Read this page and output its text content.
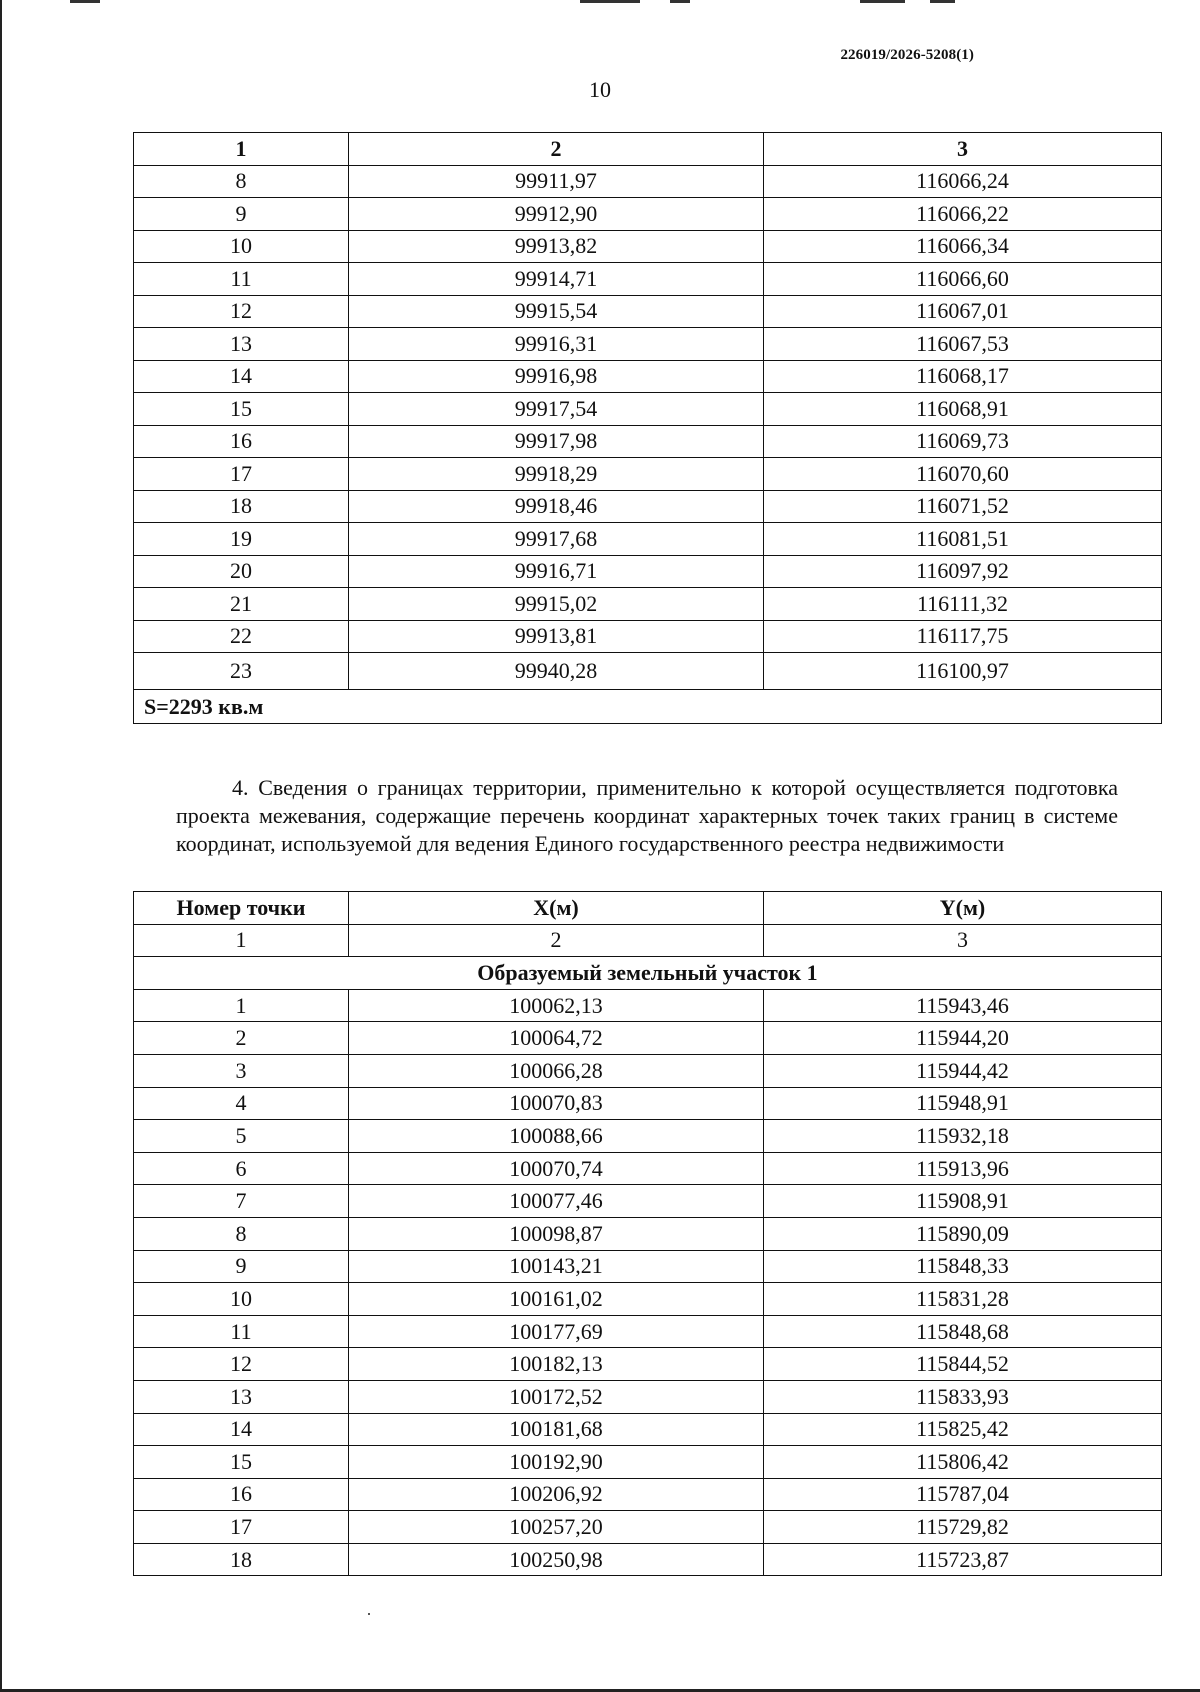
226019/2026-5208(1)
10
1	2	3
8	99911,97	116066,24
9	99912,90	116066,22
10	99913,82	116066,34
11	99914,71	116066,60
12	99915,54	116067,01
13	99916,31	116067,53
14	99916,98	116068,17
15	99917,54	116068,91
16	99917,98	116069,73
17	99918,29	116070,60
18	99918,46	116071,52
19	99917,68	116081,51
20	99916,71	116097,92
21	99915,02	116111,32
22	99913,81	116117,75
23	99940,28	116100,97
S=2293 кв.м		

4. Сведения о границах территории, применительно к которой осуществляется подготовка проекта межевания, содержащие перечень координат характерных точек таких границ в системе координат, используемой для ведения Единого государственного реестра недвижимости

Номер точки	X(м)	Y(м)
1	2	3
Образуемый земельный участок 1		
1	100062,13	115943,46
2	100064,72	115944,20
3	100066,28	115944,42
4	100070,83	115948,91
5	100088,66	115932,18
6	100070,74	115913,96
7	100077,46	115908,91
8	100098,87	115890,09
9	100143,21	115848,33
10	100161,02	115831,28
11	100177,69	115848,68
12	100182,13	115844,52
13	100172,52	115833,93
14	100181,68	115825,42
15	100192,90	115806,42
16	100206,92	115787,04
17	100257,20	115729,82
18	100250,98	115723,87
